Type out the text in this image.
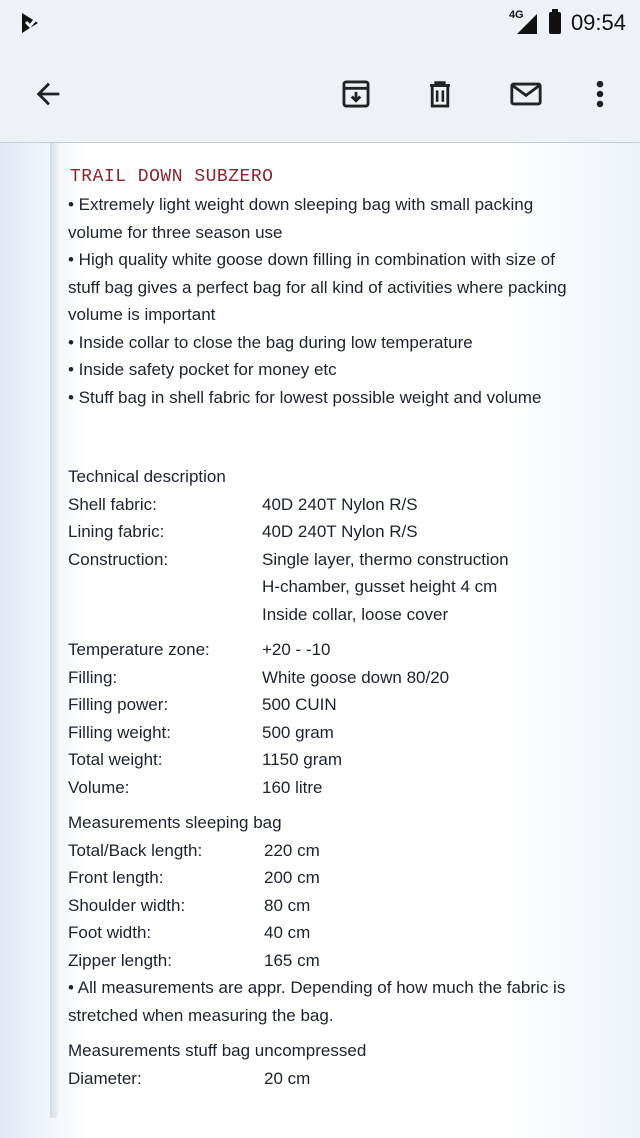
4G 09:54
TRAIL DOWN SUBZERO

• Extremely light weight down sleeping bag with small packing volume for three season use

• High quality white goose down filling in combination with size of stuff bag gives a perfect bag for all kind of activities where packing volume is important

• Inside collar to close the bag during low temperature

• Inside safety pocket for money etc

• Stuff bag in shell fabric for lowest possible weight and volume

Technical description

Shell fabric:	40D 240T Nylon R/S
Lining fabric:	40D 240T Nylon R/S
Construction:	Single layer, thermo construction
H-chamber, gusset height 4 cm
Inside collar, loose cover
Temperature zone:	+20 - -10
Filling:	White goose down 80/20
Filling power:	500 CUIN
Filling weight:	500 gram
Total weight:	1150 gram
Volume:	160 litre

Measurements sleeping bag

Total/Back length:	220 cm
Front length:	200 cm
Shoulder width:	80 cm
Foot width:	40 cm
Zipper length:	165 cm

• All measurements are appr. Depending of how much the fabric is stretched when measuring the bag.

Measurements stuff bag uncompressed

Diameter:	20 cm
